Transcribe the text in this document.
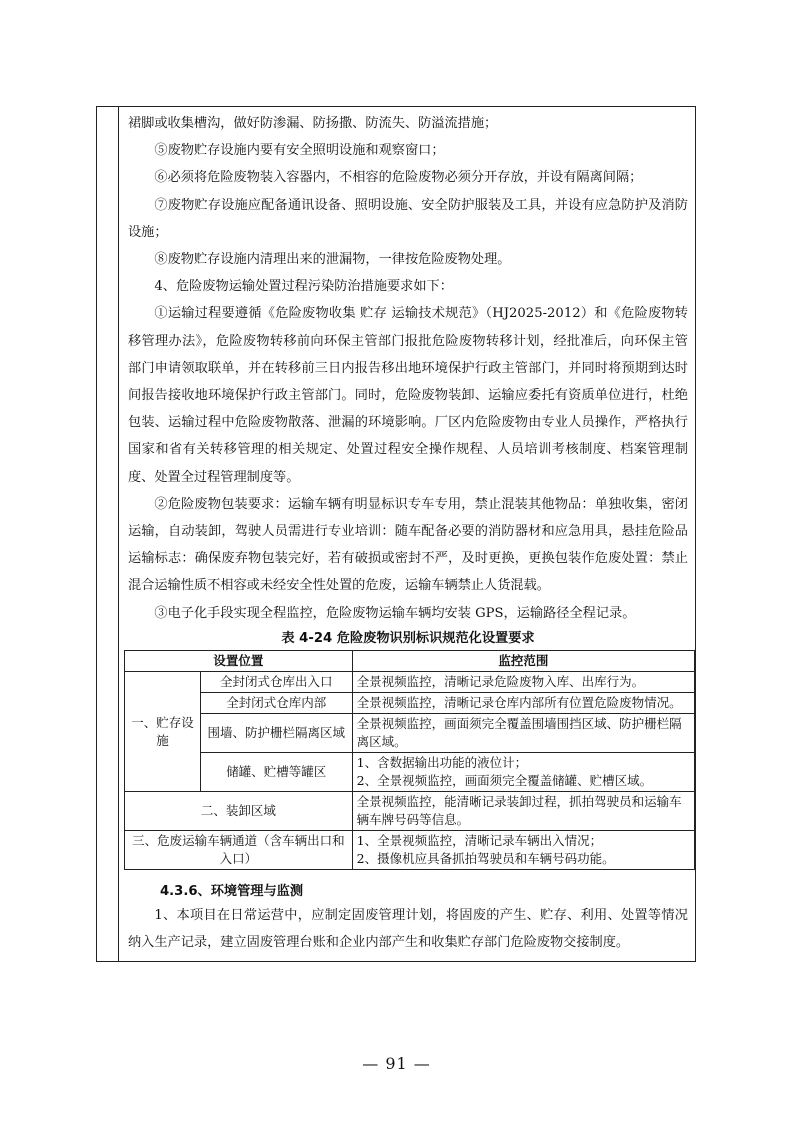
裙脚或收集槽沟，做好防渗漏、防扬撒、防流失、防溢流措施；

⑤废物贮存设施内要有安全照明设施和观察窗口；

⑥必须将危险废物装入容器内，不相容的危险废物必须分开存放，并设有隔离间隔；

⑦废物贮存设施应配备通讯设备、照明设施、安全防护服装及工具，并设有应急防护及消防设施；

⑧废物贮存设施内清理出来的泄漏物，一律按危险废物处理。

4、危险废物运输处置过程污染防治措施要求如下：

①运输过程要遵循《危险废物收集 贮存 运输技术规范》（HJ2025-2012）和《危险废物转移管理办法》，危险废物转移前向环保主管部门报批危险废物转移计划，经批准后，向环保主管部门申请领取联单，并在转移前三日内报告移出地环境保护行政主管部门，并同时将预期到达时间报告接收地环境保护行政主管部门。同时，危险废物装卸、运输应委托有资质单位进行，杜绝包装、运输过程中危险废物散落、泄漏的环境影响。厂区内危险废物由专业人员操作，严格执行国家和省有关转移管理的相关规定、处置过程安全操作规程、人员培训考核制度、档案管理制度、处置全过程管理制度等。

②危险废物包装要求：运输车辆有明显标识专车专用，禁止混装其他物品：单独收集，密闭运输，自动装卸，驾驶人员需进行专业培训：随车配备必要的消防器材和应急用具，悬挂危险品运输标志：确保废弃物包装完好，若有破损或密封不严，及时更换，更换包装作危废处置：禁止混合运输性质不相容或未经安全性处置的危废，运输车辆禁止人货混载。

③电子化手段实现全程监控，危险废物运输车辆均安装 GPS，运输路径全程记录。

表 4-24 危险废物识别标识规范化设置要求

设置位置		监控范围
一、贮存设施	全封闭式仓库出入口	全景视频监控，清晰记录危险废物入库、出库行为。
	全封闭式仓库内部	全景视频监控，清晰记录仓库内部所有位置危险废物情况。
	围墙、防护栅栏隔离区域	全景视频监控，画面须完全覆盖围墙围挡区域、防护栅栏隔离区域。
	储罐、贮槽等罐区	1、含数据输出功能的液位计；
2、全景视频监控，画面须完全覆盖储罐、贮槽区域。
二、装卸区域		全景视频监控，能清晰记录装卸过程，抓拍驾驶员和运输车辆车牌号码等信息。
三、危废运输车辆通道（含车辆出口和入口）		1、全景视频监控，清晰记录车辆出入情况；
2、摄像机应具备抓拍驾驶员和车辆号码功能。
4.3.6、环境管理与监测

1、本项目在日常运营中，应制定固废管理计划，将固废的产生、贮存、利用、处置等情况纳入生产记录，建立固废管理台账和企业内部产生和收集贮存部门危险废物交接制度。

— 91 —
